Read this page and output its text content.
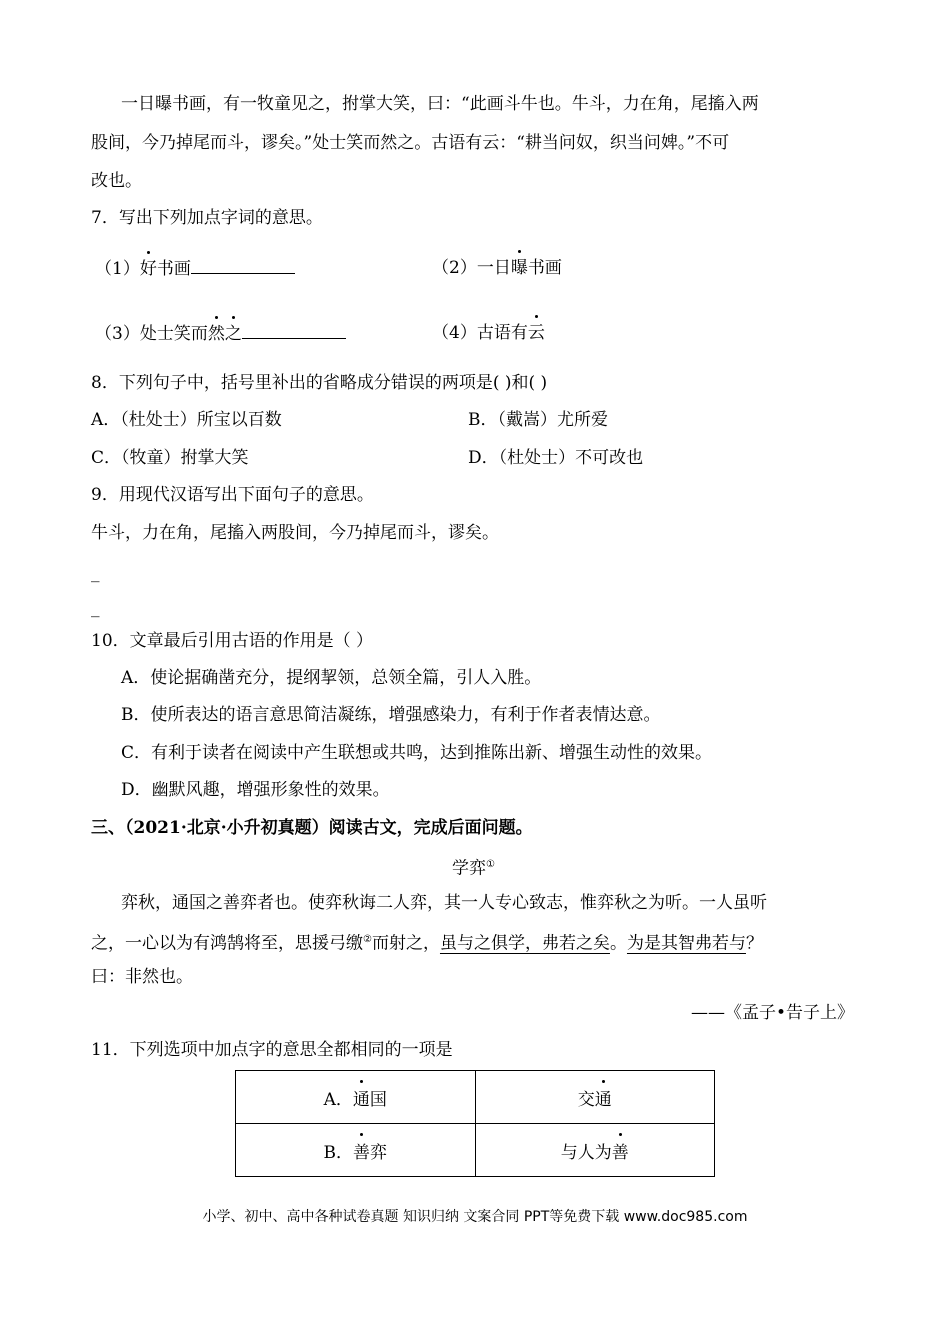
一日曝书画，有一牧童见之，拊掌大笑，曰：“此画斗牛也。牛斗，力在角，尾搐入两
股间，今乃掉尾而斗，谬矣。”处士笑而然之。古语有云：“耕当问奴，织当问婢。”不可
改也。
7．写出下列加点字词的意思。
（1）好书画	（2）一日曝书画
（3）处士笑而然之	（4）古语有云
8．下列句子中，括号里补出的省略成分错误的两项是( )和( )
A．（杜处士）所宝以百数	B．（戴嵩）尤所爱
C．（牧童）拊掌大笑	D．（杜处士）不可改也
9．用现代汉语写出下面句子的意思。
牛斗，力在角，尾搐入两股间，今乃掉尾而斗，谬矣。
_
_
10．文章最后引用古语的作用是（ ）
A．使论据确凿充分，提纲挈领，总领全篇，引人入胜。
B．使所表达的语言意思简洁凝练，增强感染力，有利于作者表情达意。
C．有利于读者在阅读中产生联想或共鸣，达到推陈出新、增强生动性的效果。
D．幽默风趣，增强形象性的效果。
三、（2021·北京·小升初真题）阅读古文，完成后面问题。
学弈①
弈秋，通国之善弈者也。使弈秋诲二人弈，其一人专心致志，惟弈秋之为听。一人虽听
之，一心以为有鸿鹄将至，思援弓缴②而射之，虽与之俱学，弗若之矣。为是其智弗若与？
曰：非然也。
——《孟子•告子上》
11．下列选项中加点字的意思全都相同的一项是
A．通国	交通
B．善弈	与人为善
小学、初中、高中各种试卷真题 知识归纳 文案合同 PPT等免费下载 www.doc985.com
